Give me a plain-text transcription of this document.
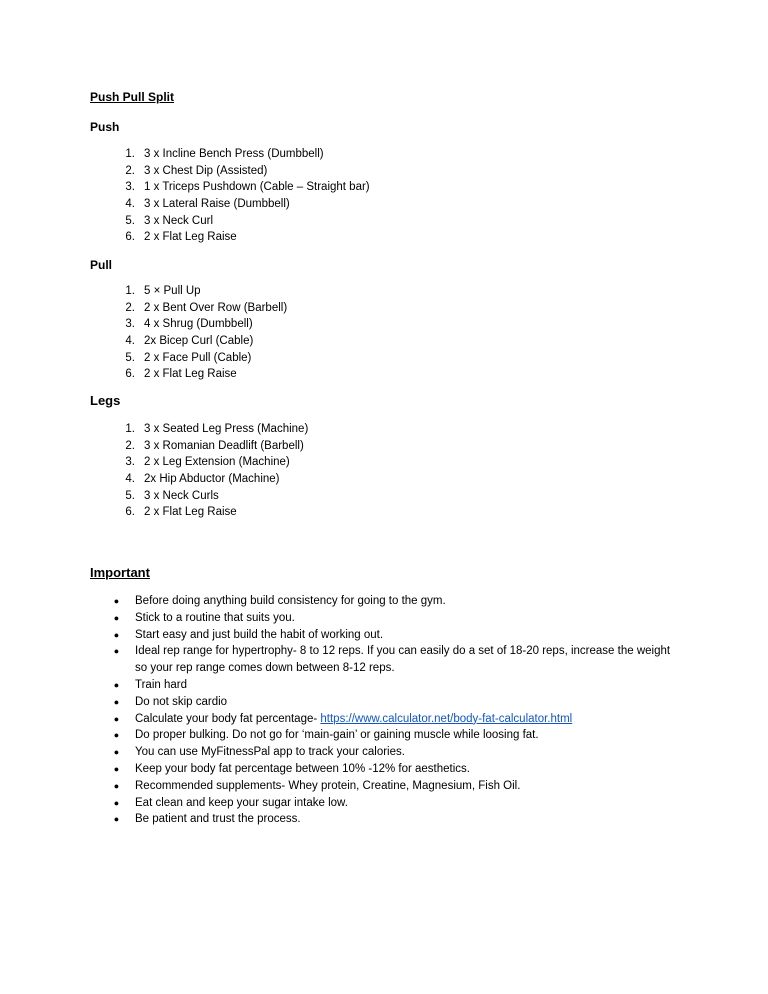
Push Pull Split
Push
1. 3 x Incline Bench Press (Dumbbell)
2. 3 x Chest Dip (Assisted)
3. 1 x Triceps Pushdown (Cable – Straight bar)
4. 3 x Lateral Raise (Dumbbell)
5. 3 x Neck Curl
6. 2 x Flat Leg Raise
Pull
1. 5 × Pull Up
2. 2 x Bent Over Row (Barbell)
3. 4 x Shrug (Dumbbell)
4. 2x Bicep Curl (Cable)
5. 2 x Face Pull (Cable)
6. 2 x Flat Leg Raise
Legs
1. 3 x Seated Leg Press (Machine)
2. 3 x Romanian Deadlift (Barbell)
3. 2 x Leg Extension (Machine)
4. 2x Hip Abductor (Machine)
5. 3 x Neck Curls
6. 2 x Flat Leg Raise
Important
●	Before doing anything build consistency for going to the gym.
●	Stick to a routine that suits you.
●	Start easy and just build the habit of working out.
●	Ideal rep range for hypertrophy- 8 to 12 reps. If you can easily do a set of 18-20 reps, increase the weight so your rep range comes down between 8-12 reps.
●	Train hard
●	Do not skip cardio
●	Calculate your body fat percentage- https://www.calculator.net/body-fat-calculator.html
●	Do proper bulking. Do not go for ‘main-gain’ or gaining muscle while loosing fat.
●	You can use MyFitnessPal app to track your calories.
●	Keep your body fat percentage between 10% -12% for aesthetics.
●	Recommended supplements- Whey protein, Creatine, Magnesium, Fish Oil.
●	Eat clean and keep your sugar intake low.
●	Be patient and trust the process.
